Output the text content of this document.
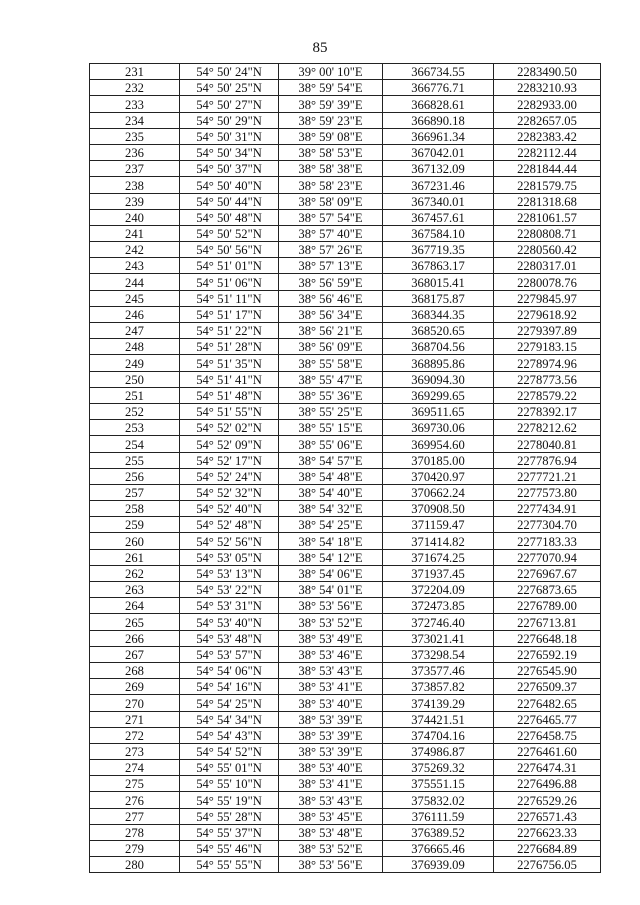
85
231	54° 50' 24"N	39° 00' 10"E	366734.55	2283490.50
232	54° 50' 25"N	38° 59' 54"E	366776.71	2283210.93
233	54° 50' 27"N	38° 59' 39"E	366828.61	2282933.00
234	54° 50' 29"N	38° 59' 23"E	366890.18	2282657.05
235	54° 50' 31"N	38° 59' 08"E	366961.34	2282383.42
236	54° 50' 34"N	38° 58' 53"E	367042.01	2282112.44
237	54° 50' 37"N	38° 58' 38"E	367132.09	2281844.44
238	54° 50' 40"N	38° 58' 23"E	367231.46	2281579.75
239	54° 50' 44"N	38° 58' 09"E	367340.01	2281318.68
240	54° 50' 48"N	38° 57' 54"E	367457.61	2281061.57
241	54° 50' 52"N	38° 57' 40"E	367584.10	2280808.71
242	54° 50' 56"N	38° 57' 26"E	367719.35	2280560.42
243	54° 51' 01"N	38° 57' 13"E	367863.17	2280317.01
244	54° 51' 06"N	38° 56' 59"E	368015.41	2280078.76
245	54° 51' 11"N	38° 56' 46"E	368175.87	2279845.97
246	54° 51' 17"N	38° 56' 34"E	368344.35	2279618.92
247	54° 51' 22"N	38° 56' 21"E	368520.65	2279397.89
248	54° 51' 28"N	38° 56' 09"E	368704.56	2279183.15
249	54° 51' 35"N	38° 55' 58"E	368895.86	2278974.96
250	54° 51' 41"N	38° 55' 47"E	369094.30	2278773.56
251	54° 51' 48"N	38° 55' 36"E	369299.65	2278579.22
252	54° 51' 55"N	38° 55' 25"E	369511.65	2278392.17
253	54° 52' 02"N	38° 55' 15"E	369730.06	2278212.62
254	54° 52' 09"N	38° 55' 06"E	369954.60	2278040.81
255	54° 52' 17"N	38° 54' 57"E	370185.00	2277876.94
256	54° 52' 24"N	38° 54' 48"E	370420.97	2277721.21
257	54° 52' 32"N	38° 54' 40"E	370662.24	2277573.80
258	54° 52' 40"N	38° 54' 32"E	370908.50	2277434.91
259	54° 52' 48"N	38° 54' 25"E	371159.47	2277304.70
260	54° 52' 56"N	38° 54' 18"E	371414.82	2277183.33
261	54° 53' 05"N	38° 54' 12"E	371674.25	2277070.94
262	54° 53' 13"N	38° 54' 06"E	371937.45	2276967.67
263	54° 53' 22"N	38° 54' 01"E	372204.09	2276873.65
264	54° 53' 31"N	38° 53' 56"E	372473.85	2276789.00
265	54° 53' 40"N	38° 53' 52"E	372746.40	2276713.81
266	54° 53' 48"N	38° 53' 49"E	373021.41	2276648.18
267	54° 53' 57"N	38° 53' 46"E	373298.54	2276592.19
268	54° 54' 06"N	38° 53' 43"E	373577.46	2276545.90
269	54° 54' 16"N	38° 53' 41"E	373857.82	2276509.37
270	54° 54' 25"N	38° 53' 40"E	374139.29	2276482.65
271	54° 54' 34"N	38° 53' 39"E	374421.51	2276465.77
272	54° 54' 43"N	38° 53' 39"E	374704.16	2276458.75
273	54° 54' 52"N	38° 53' 39"E	374986.87	2276461.60
274	54° 55' 01"N	38° 53' 40"E	375269.32	2276474.31
275	54° 55' 10"N	38° 53' 41"E	375551.15	2276496.88
276	54° 55' 19"N	38° 53' 43"E	375832.02	2276529.26
277	54° 55' 28"N	38° 53' 45"E	376111.59	2276571.43
278	54° 55' 37"N	38° 53' 48"E	376389.52	2276623.33
279	54° 55' 46"N	38° 53' 52"E	376665.46	2276684.89
280	54° 55' 55"N	38° 53' 56"E	376939.09	2276756.05
